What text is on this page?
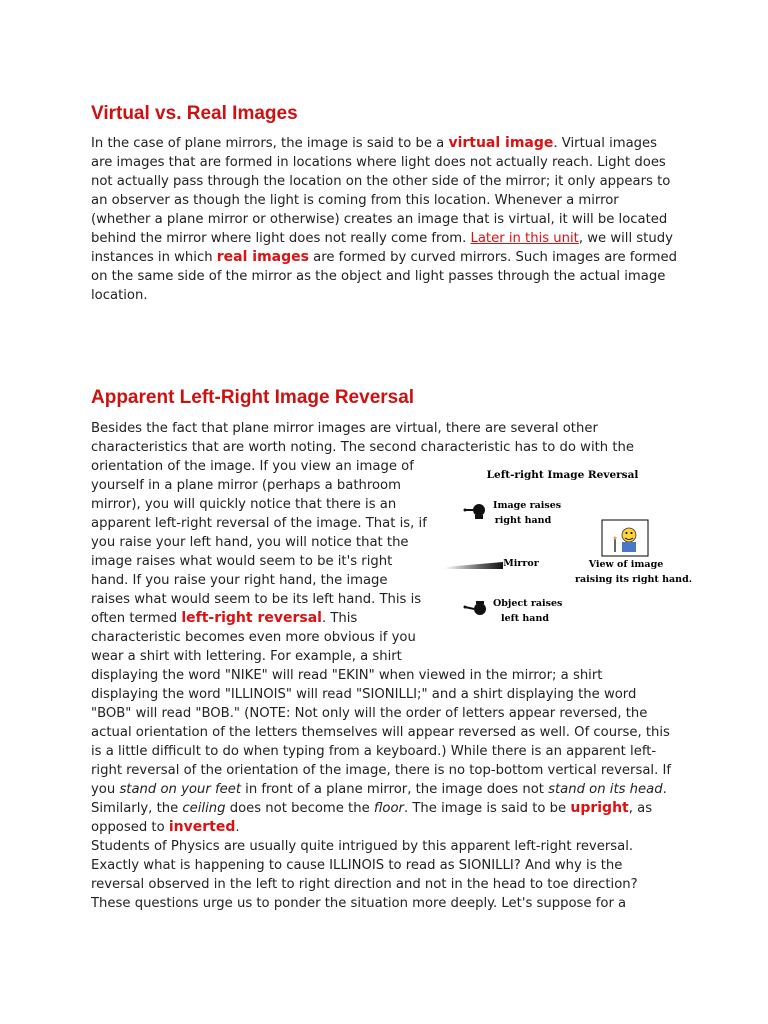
Virtual vs. Real Images
In the case of plane mirrors, the image is said to be a virtual image. Virtual images
are images that are formed in locations where light does not actually reach. Light does
not actually pass through the location on the other side of the mirror; it only appears to
an observer as though the light is coming from this location. Whenever a mirror
(whether a plane mirror or otherwise) creates an image that is virtual, it will be located
behind the mirror where light does not really come from. Later in this unit, we will study
instances in which real images are formed by curved mirrors. Such images are formed
on the same side of the mirror as the object and light passes through the actual image
location.
Apparent Left-Right Image Reversal
Besides the fact that plane mirror images are virtual, there are several other
characteristics that are worth noting. The second characteristic has to do with the
orientation of the image. If you view an image of
yourself in a plane mirror (perhaps a bathroom
mirror), you will quickly notice that there is an
apparent left-right reversal of the image. That is, if
you raise your left hand, you will notice that the
image raises what would seem to be it's right
hand. If you raise your right hand, the image
raises what would seem to be its left hand. This is
often termed left-right reversal. This
characteristic becomes even more obvious if you
wear a shirt with lettering. For example, a shirt
displaying the word "NIKE" will read "EKIN" when viewed in the mirror; a shirt
displaying the word "ILLINOIS" will read "SIONILLI;" and a shirt displaying the word
"BOB" will read "BOB." (NOTE: Not only will the order of letters appear reversed, the
actual orientation of the letters themselves will appear reversed as well. Of course, this
is a little difficult to do when typing from a keyboard.) While there is an apparent left-
right reversal of the orientation of the image, there is no top-bottom vertical reversal. If
you stand on your feet in front of a plane mirror, the image does not stand on its head.
Similarly, the ceiling does not become the floor. The image is said to be upright, as
opposed to inverted.
Students of Physics are usually quite intrigued by this apparent left-right reversal.
Exactly what is happening to cause ILLINOIS to read as SIONILLI? And why is the
reversal observed in the left to right direction and not in the head to toe direction?
These questions urge us to ponder the situation more deeply. Let's suppose for a
Left-right Image Reversal
Image raises
right hand
Mirror	View of image
raising its right hand.
Object raises
left hand
